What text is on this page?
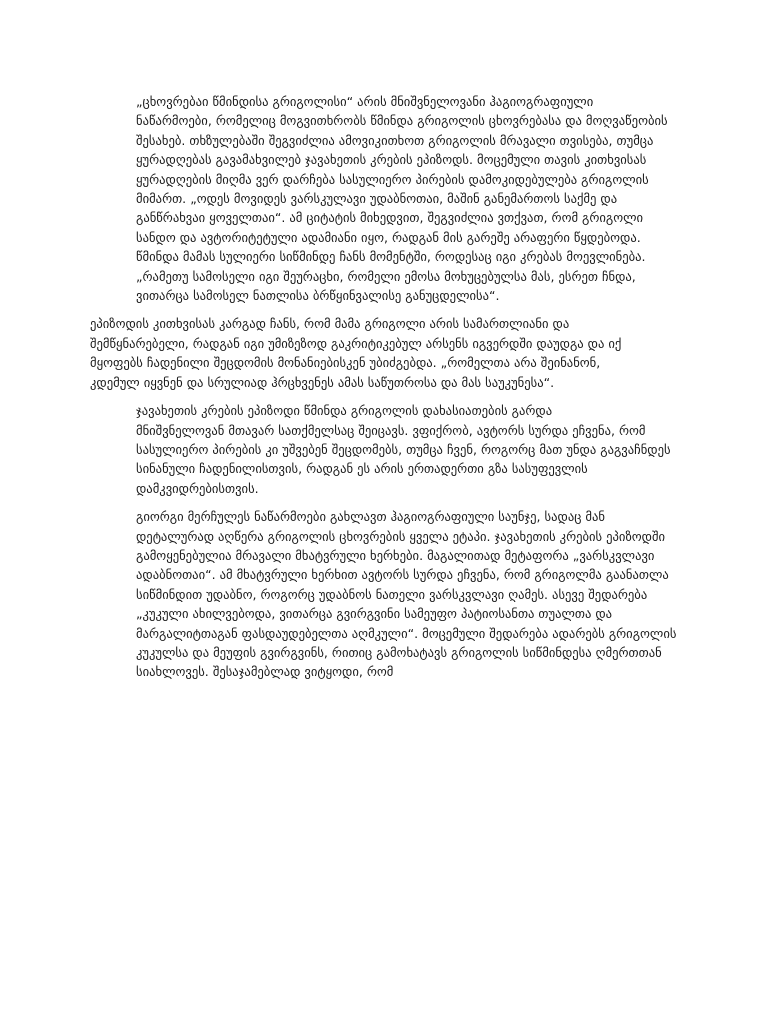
„ცხოვრებაი წმინდისა გრიგოლისი“ არის მნიშვნელოვანი ჰაგიოგრაფიული
ნაწარმოები, რომელიც მოგვითხრობს წმინდა გრიგოლის ცხოვრებასა და მოღვაწეობის
შესახებ. თხზულებაში შეგვიძლია ამოვიკითხოთ გრიგოლის მრავალი თვისება, თუმცა
ყურადღებას გავამახვილებ ჯავახეთის კრების ეპიზოდს. მოცემული თავის კითხვისას
ყურადღების მიღმა ვერ დარჩება სასულიერო პირების დამოკიდებულება გრიგოლის
მიმართ. „ოდეს მოვიდეს ვარსკულავი უდაბნოთაი, მაშინ განემართოს საქმე და
განწრახვაი ყოველთაი“. ამ ციტატის მიხედვით, შეგვიძლია ვთქვათ, რომ გრიგოლი
სანდო და ავტორიტეტული ადამიანი იყო, რადგან მის გარეშე არაფერი წყდებოდა.
წმინდა მამას სულიერი სიწმინდე ჩანს მომენტში, როდესაც იგი კრებას მოევლინება.
„რამეთუ სამოსელი იგი შეურაცხი, რომელი ემოსა მოხუცებულსა მას, ესრეთ ჩნდა,
ვითარცა სამოსელ ნათლისა ბრწყინვალისე განუცდელისა“.

ეპიზოდის კითხვისას კარგად ჩანს, რომ მამა გრიგოლი არის სამართლიანი და
შემწყნარებელი, რადგან იგი უმიზეზოდ გაკრიტიკებულ არსენს იგვერდში დაუდგა და იქ
მყოფებს ჩადენილი შეცდომის მონანიებისკენ უბიძგებდა. „რომელთა არა შეინანონ,
კდემულ იყვნენ და სრულიად ჰრცხვენეს ამას საწუთროსა და მას საუკუნესა“.

ჯავახეთის კრების ეპიზოდი წმინდა გრიგოლის დახასიათების გარდა
მნიშვნელოვან მთავარ სათქმელსაც შეიცავს. ვფიქრობ, ავტორს სურდა ეჩვენა, რომ
სასულიერო პირების კი უშვებენ შეცდომებს, თუმცა ჩვენ, როგორც მათ უნდა გაგვაჩნდეს
სინანული ჩადენილისთვის, რადგან ეს არის ერთადერთი გზა სასუფევლის
დამკვიდრებისთვის.

გიორგი მერჩულეს ნაწარმოები გახლავთ ჰაგიოგრაფიული საუნჯე, სადაც მან
დეტალურად აღწერა გრიგოლის ცხოვრების ყველა ეტაპი. ჯავახეთის კრების ეპიზოდში
გამოყენებულია მრავალი მხატვრული ხერხები. მაგალითად მეტაფორა „ვარსკვლავი
ადაბნოთაი“. ამ მხატვრული ხერხით ავტორს სურდა ეჩვენა, რომ გრიგოლმა გაანათლა
სიწმინდით უდაბნო, როგორც უდაბნოს ნათელი ვარსკვლავი ღამეს. ასევე შედარება
„კუკული ახილვებოდა, ვითარცა გვირგვინი სამეუფო პატიოსანთა თუალთა და
მარგალიტთაგან ფასდაუდებელთა აღმკული“. მოცემული შედარება ადარებს გრიგოლის
კუკულსა და მეუფის გვირგვინს, რითიც გამოხატავს გრიგოლის სიწმინდესა ღმერთთან
სიახლოვეს. შესაჯამებლად ვიტყოდი, რომ
